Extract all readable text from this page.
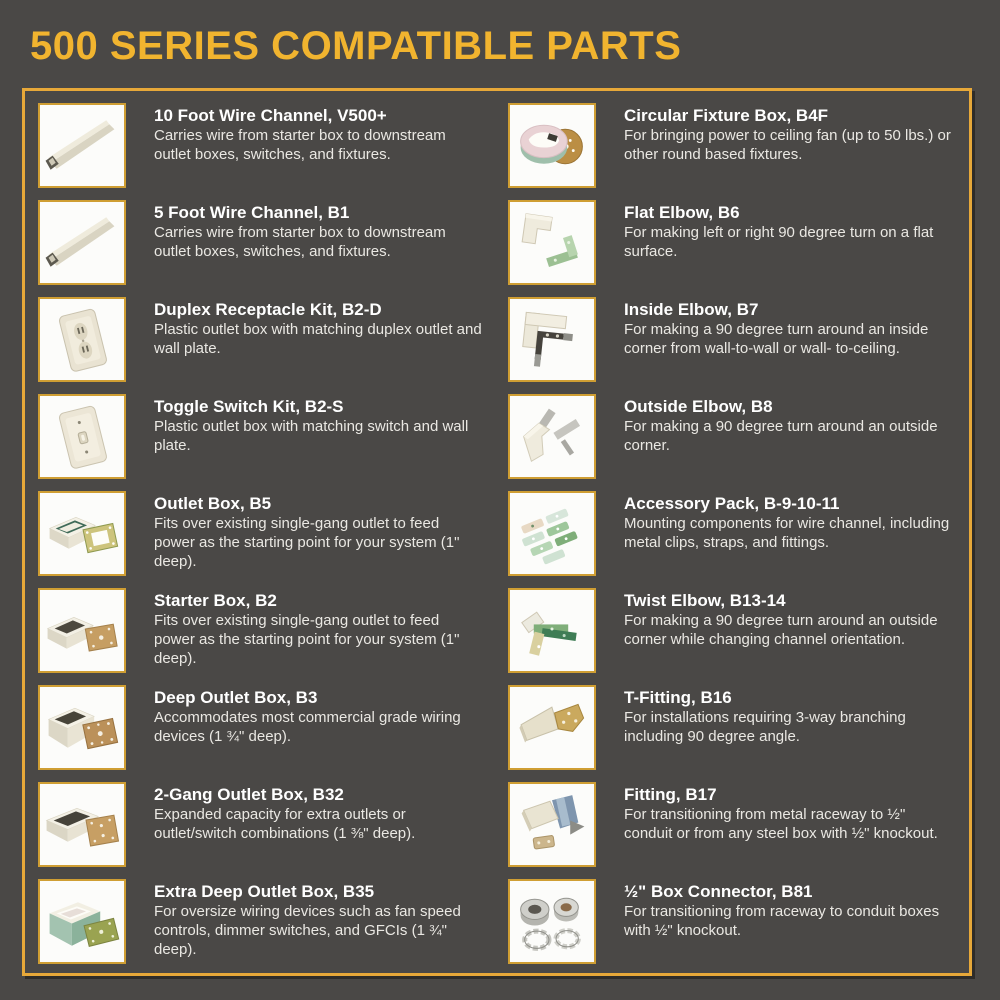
500 SERIES COMPATIBLE PARTS

10 Foot Wire Channel, V500+

Carries wire from starter box to downstream outlet boxes, switches, and fixtures.

5 Foot Wire Channel, B1

Carries wire from starter box to downstream outlet boxes, switches, and fixtures.

Duplex Receptacle Kit, B2-D

Plastic outlet box with matching duplex outlet and wall plate.

Toggle Switch Kit, B2-S

Plastic outlet box with matching switch and wall plate.

Outlet Box, B5

Fits over existing single-gang outlet to feed power as the starting point for your system (1" deep).

Starter Box, B2

Fits over existing single-gang outlet to feed power as the starting point for your system (1" deep).

Deep Outlet Box, B3

Accommodates most commercial grade wiring devices (1 ¾" deep).

2-Gang Outlet Box, B32

Expanded capacity for extra outlets or outlet/switch combinations (1 ⅜" deep).

Extra Deep Outlet Box, B35

For oversize wiring devices such as fan speed controls, dimmer switches, and GFCIs (1 ¾" deep).

Circular Fixture Box, B4F

For bringing power to ceiling fan (up to 50 lbs.) or other round based fixtures.

Flat Elbow, B6

For making left or right 90 degree turn on a flat surface.

Inside Elbow, B7

For making a 90 degree turn around an inside corner from wall-to-wall or wall- to-ceiling.

Outside Elbow, B8

For making a 90 degree turn around an outside corner.

Accessory Pack, B-9-10-11

Mounting components for wire channel, including metal clips, straps, and fittings.

Twist Elbow, B13-14

For making a 90 degree turn around an outside corner while changing channel orientation.

T-Fitting, B16

For installations requiring 3-way branching including 90 degree angle.

Fitting, B17

For transitioning from metal raceway to ½" conduit or from any steel box with ½" knockout.

½" Box Connector, B81

For transitioning from raceway to conduit boxes with ½" knockout.
